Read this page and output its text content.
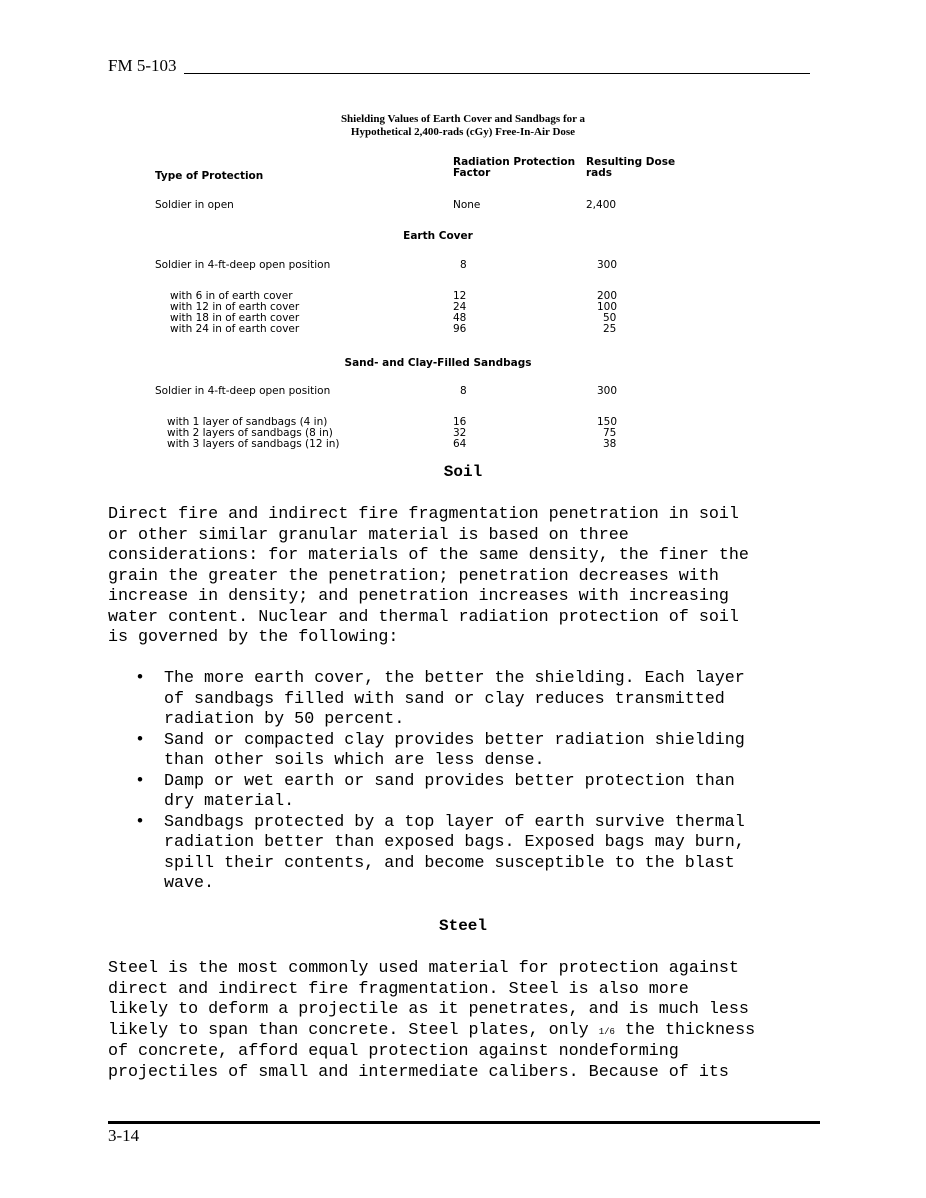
FM 5-103
Shielding Values of Earth Cover and Sandbags for a
Hypothetical 2,400-rads (cGy) Free-In-Air Dose
Type of Protection
Radiation Protection
Factor
Resulting Dose
rads
Soldier in open	None	2,400
Earth Cover
Soldier in 4-ft-deep open position	8	300
with 6 in of earth cover	12	200
with 12 in of earth cover	24	100
with 18 in of earth cover	48	50
with 24 in of earth cover	96	25
Sand- and Clay-Filled Sandbags
Soldier in 4-ft-deep open position	8	300
with 1 layer of sandbags (4 in)	16	150
with 2 layers of sandbags (8 in)	32	75
with 3 layers of sandbags (12 in)	64	38
Soil

Direct fire and indirect fire fragmentation penetration in soil
or other similar granular material is based on three
considerations: for materials of the same density, the finer the
grain the greater the penetration; penetration decreases with
increase in density; and penetration increases with increasing
water content. Nuclear and thermal radiation protection of soil
is governed by the following:

• The more earth cover, the better the shielding. Each layer
of sandbags filled with sand or clay reduces transmitted
radiation by 50 percent.
• Sand or compacted clay provides better radiation shielding
than other soils which are less dense.
• Damp or wet earth or sand provides better protection than
dry material.
• Sandbags protected by a top layer of earth survive thermal
radiation better than exposed bags. Exposed bags may burn,
spill their contents, and become susceptible to the blast
wave.
Steel

Steel is the most commonly used material for protection against
direct and indirect fire fragmentation. Steel is also more
likely to deform a projectile as it penetrates, and is much less
likely to span than concrete. Steel plates, only 1/6 the thickness
of concrete, afford equal protection against nondeforming
projectiles of small and intermediate calibers. Because of its

3-14
